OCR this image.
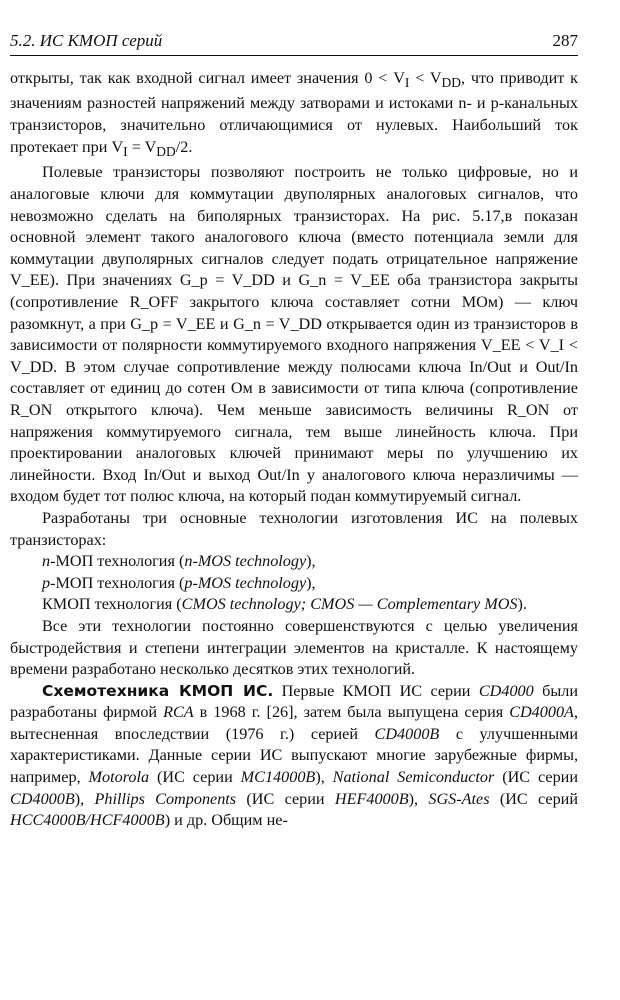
5.2. ИС КМОП серий	287

открыты, так как входной сигнал имеет значения $0 < V_I < V_{DD}$, что приводит к значениям разностей напряжений между затворами и истоками n- и p-канальных транзисторов, значительно отличающимися от нулевых. Наибольший ток протекает при $V_I = V_{DD}/2$.

Полевые транзисторы позволяют построить не только цифровые, но и аналоговые ключи для коммутации двуполярных аналоговых сигналов, что невозможно сделать на биполярных транзисторах. На рис. 5.17,в показан основной элемент такого аналогового ключа (вместо потенциала земли для коммутации двуполярных сигналов следует подать отрицательное напряжение V_EE). При значениях G_p = V_DD и G_n = V_EE оба транзистора закрыты (сопротивление R_OFF закрытого ключа составляет сотни МОм) — ключ разомкнут, а при G_p = V_EE и G_n = V_DD открывается один из транзисторов в зависимости от полярности коммутируемого входного напряжения V_EE < V_I < V_DD. В этом случае сопротивление между полюсами ключа In/Out и Out/In составляет от единиц до сотен Ом в зависимости от типа ключа (сопротивление R_ON открытого ключа). Чем меньше зависимость величины R_ON от напряжения коммутируемого сигнала, тем выше линейность ключа. При проектировании аналоговых ключей принимают меры по улучшению их линейности. Вход In/Out и выход Out/In у аналогового ключа неразличимы — входом будет тот полюс ключа, на который подан коммутируемый сигнал.

Разработаны три основные технологии изготовления ИС на полевых транзисторах:

n-МОП технология (n-MOS technology),

p-МОП технология (p-MOS technology),

КМОП технология (CMOS technology; CMOS — Complementary MOS).

Все эти технологии постоянно совершенствуются с целью увеличения быстродействия и степени интеграции элементов на кристалле. К настоящему времени разработано несколько десятков этих технологий.

Схемотехника КМОП ИС. Первые КМОП ИС серии CD4000 были разработаны фирмой RCA в 1968 г. [26], затем была выпущена серия CD4000A, вытесненная впоследствии (1976 г.) серией CD4000B с улучшенными характеристиками. Данные серии ИС выпускают многие зарубежные фирмы, например, Motorola (ИС серии MC14000B), National Semiconductor (ИС серии CD4000B), Phillips Components (ИС серии HEF4000B), SGS-Ates (ИС серий HCC4000B/HCF4000B) и др. Общим не-
